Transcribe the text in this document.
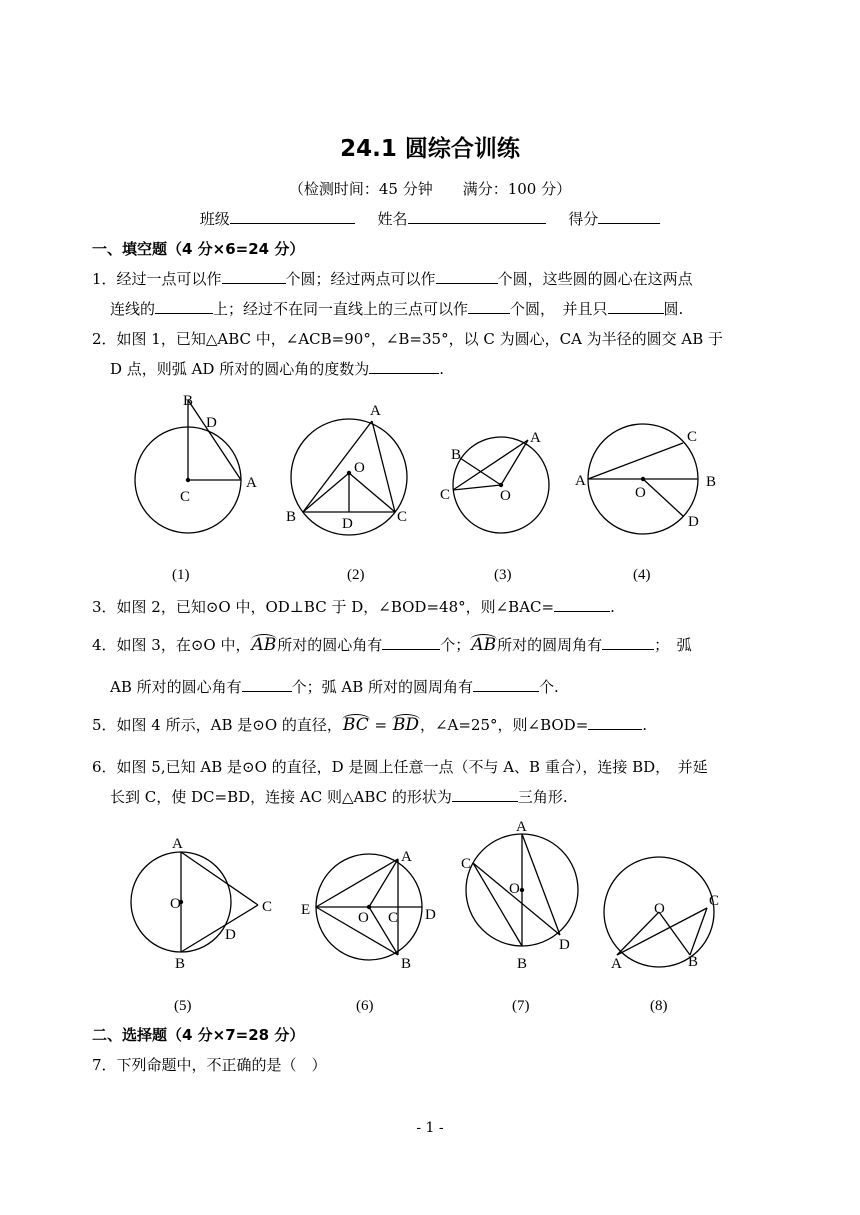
24.1 圆综合训练
（检测时间：45 分钟　　满分：100 分）
班级	姓名	得分
一、填空题（4 分×6=24 分）
1．经过一点可以作	个圆；经过两点可以作	个圆，这些圆的圆心在这两点
连线的	上；经过不在同一直线上的三点可以作	个圆，　并且只	圆.
2．如图 1，已知△ABC 中，∠ACB=90°，∠B=35°，以 C 为圆心，CA 为半径的圆交 AB 于
D 点，则弧 AD 所对的圆心角的度数为	.
B
D
C
A
A
O
B	D	C
B
A
C	O
C
A
O
B
D
(1)	(2)	(3)	(4)
3．如图 2，已知⊙O 中，OD⊥BC 于 D，∠BOD=48°，则∠BAC=	.
4．如图 3，在⊙O 中，AB所对的圆心角有	个；AB所对的圆周角有	；　弧
AB 所对的圆心角有	个；弧 AB 所对的圆周角有	个.
5．如图 4 所示，AB 是⊙O 的直径，BC = BD，∠A=25°，则∠BOD=	.
6．如图 5,已知 AB 是⊙O 的直径，D 是圆上任意一点（不与 A、B 重合），连接 BD，　并延
长到 C，使 DC=BD，连接 AC 则△ABC 的形状为	三角形.
A
O	C
D
B
A
E	O C D
B
A
C
O
D
B
O	C
A	B
(5)	(6)	(7)	(8)
二、选择题（4 分×7=28 分）
7．下列命题中，不正确的是（　）
- 1 -
